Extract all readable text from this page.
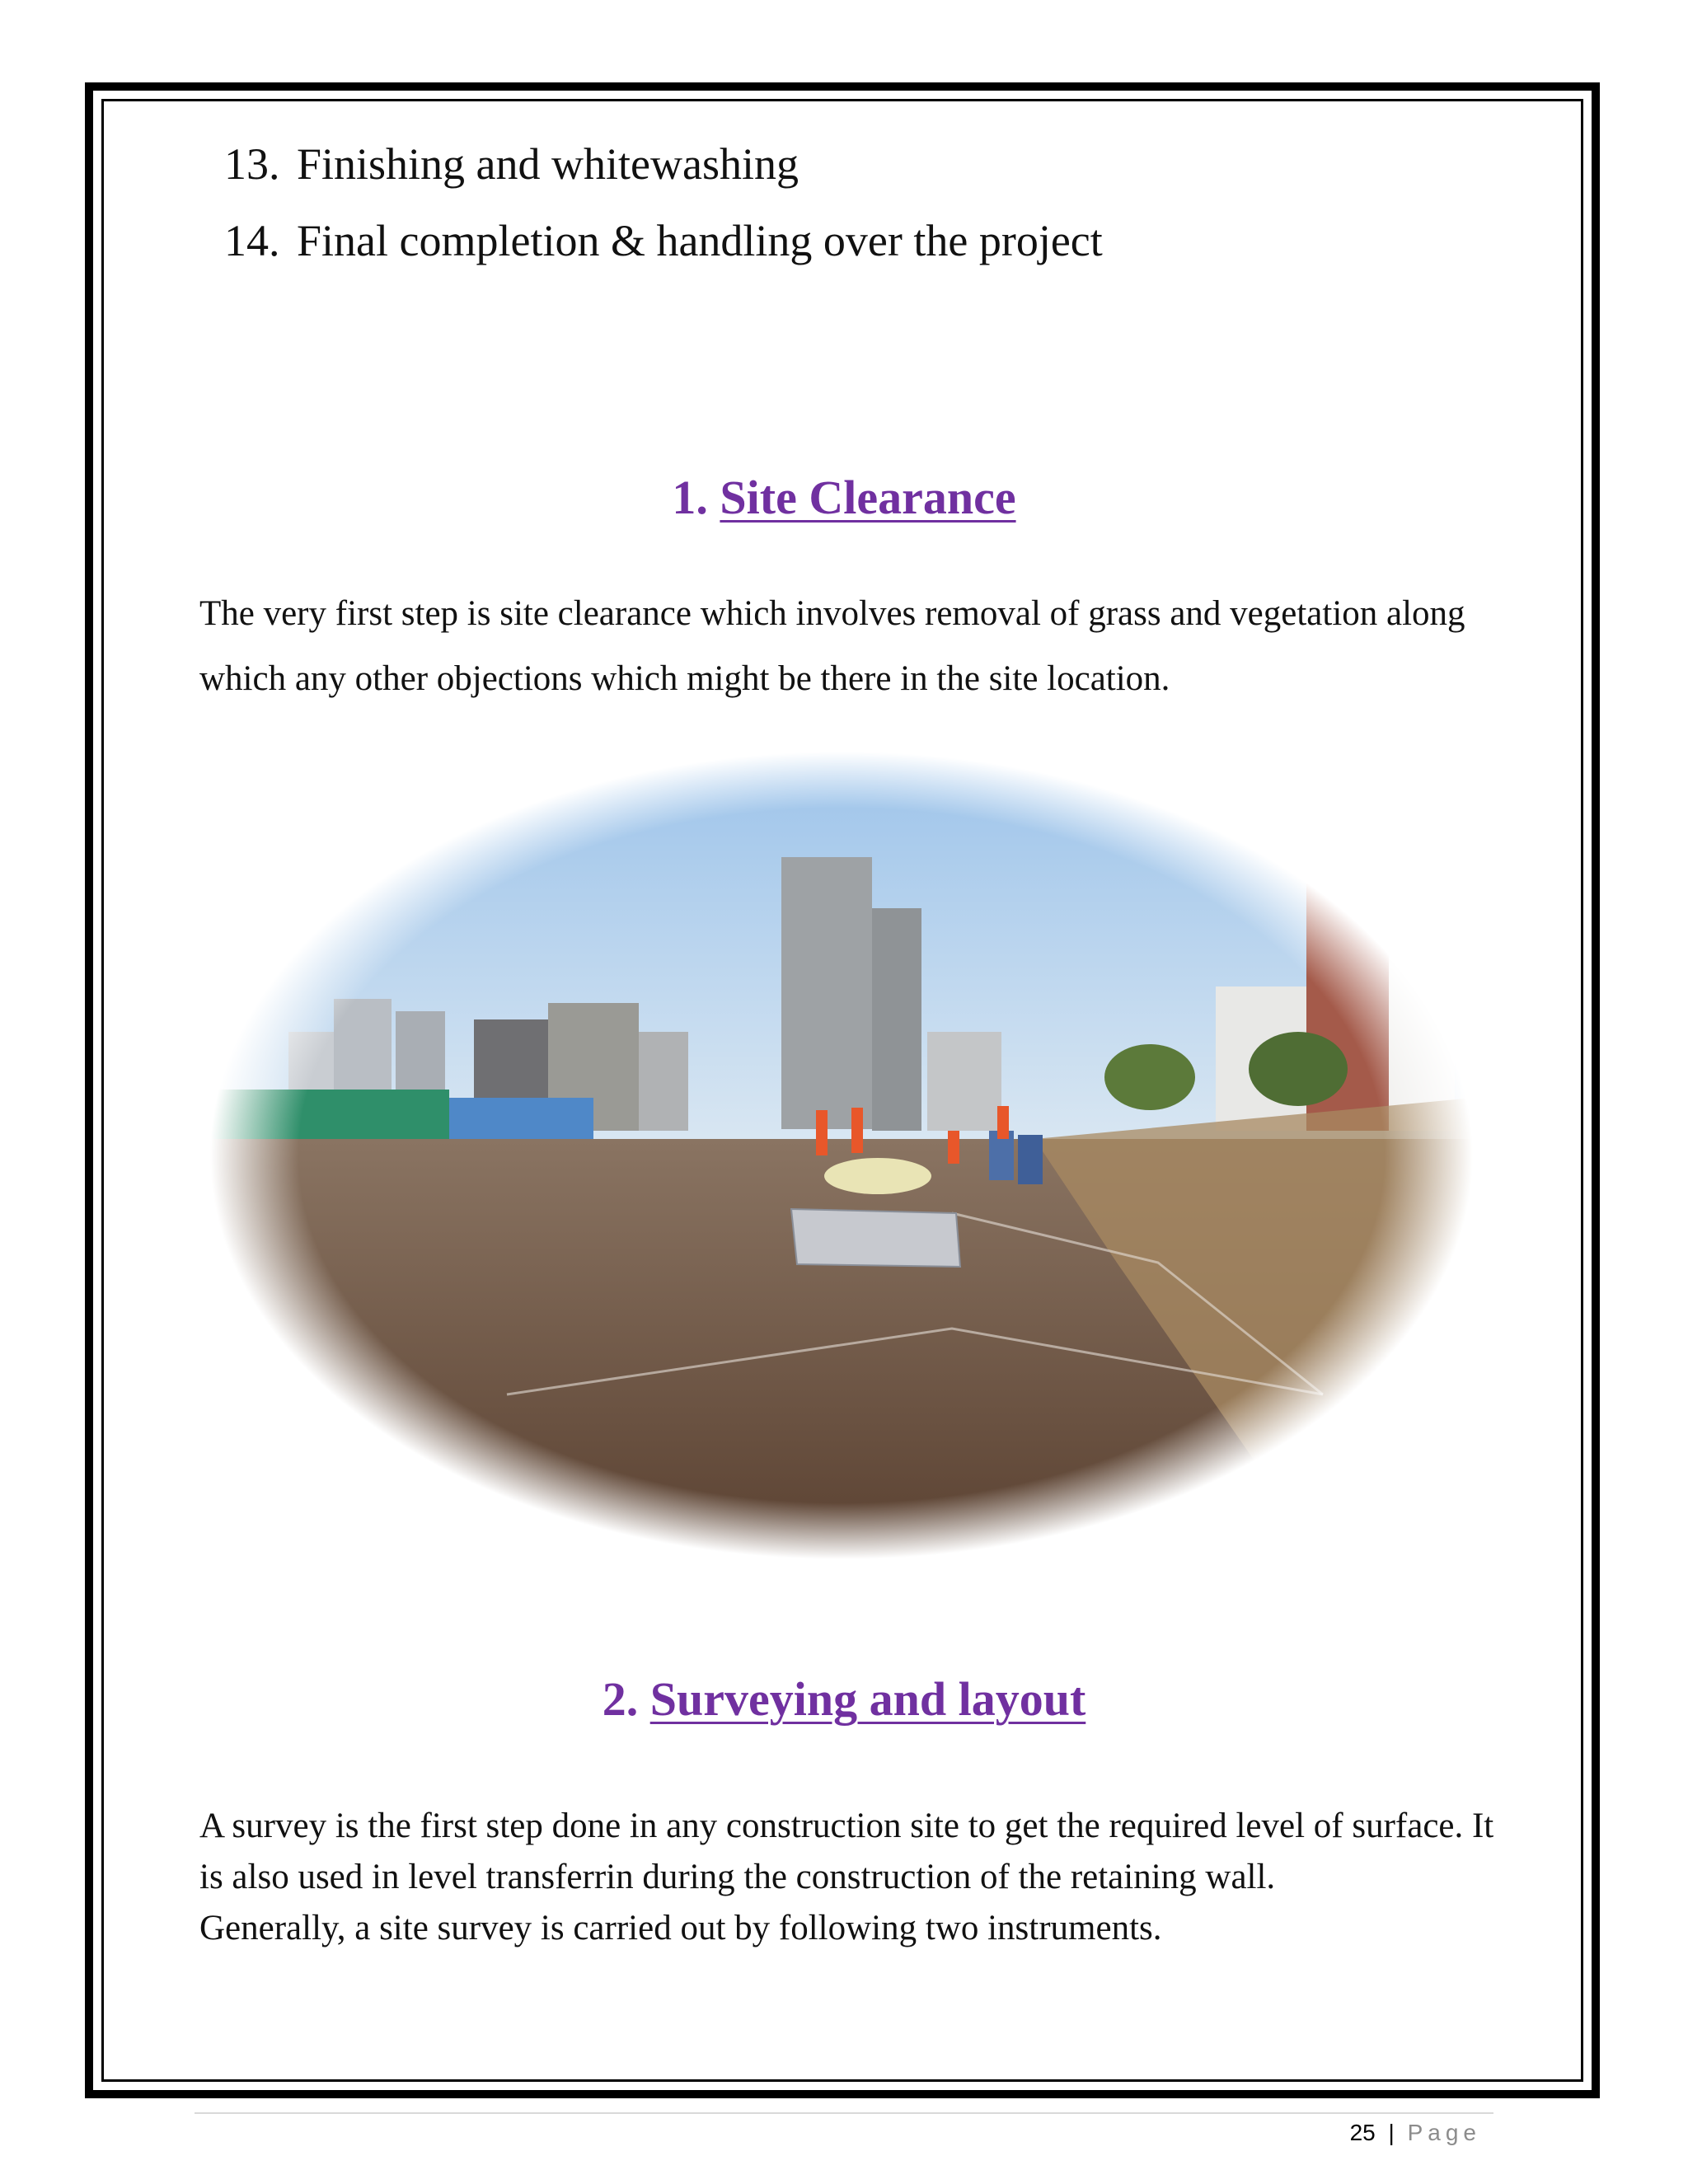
13. Finishing and whitewashing
14. Final completion & handling over the project
1. Site Clearance

The very first step is site clearance which involves removal of grass and vegetation along which any other objections which might be there in the site location.

2. Surveying and layout
A survey is the first step done in any construction site to get the required level of surface. It is also used in level transferrin during the construction of the retaining wall.
Generally, a site survey is carried out by following two instruments.
25 | Page
